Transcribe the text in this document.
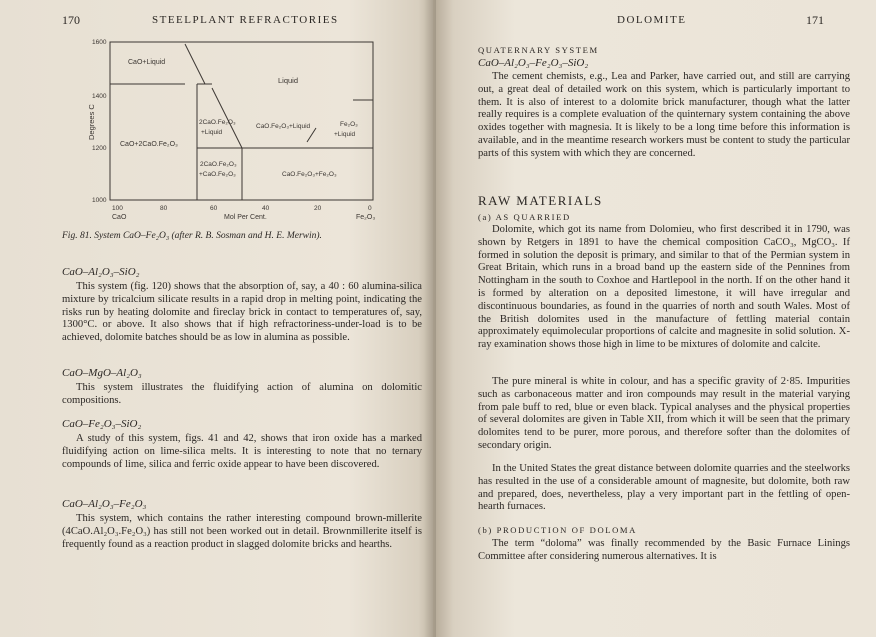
170	STEELPLANT REFRACTORIES
1600
1400
1200
1000
Degrees C
100	80	60	40	20	0
CaO	Mol Per Cent.	Fe₂O₃
CaO+Liquid
Liquid
CaO+2CaO.Fe₂O₃
2CaO.Fe₂O₃
+Liquid
CaO.Fe₂O₃+Liquid	Fe₂O₃
+Liquid
2CaO.Fe₂O₃
+CaO.Fe₂O₃	CaO.Fe₂O₃+Fe₂O₃
Fig. 81. System CaO–Fe₂O₃ (after R. B. Sosman and H. E. Merwin).
CaO–Al₂O₃–SiO₂
This system (fig. 120) shows that the absorption of, say, a 40 : 60 alumina-silica mixture by tricalcium silicate results in a rapid drop in melting point, indicating the risks run by heating dolomite and fireclay brick in contact to temperatures of, say, 1300°C. or above. It also shows that if high refractoriness-under-load is to be achieved, dolomite batches should be as low in alumina as possible.
CaO–MgO–Al₂O₃
This system illustrates the fluidifying action of alumina on dolomitic compositions.
CaO–Fe₂O₃–SiO₂
A study of this system, figs. 41 and 42, shows that iron oxide has a marked fluidifying action on lime-silica melts. It is interesting to note that no ternary compounds of lime, silica and ferric oxide appear to have been discovered.
CaO–Al₂O₃–Fe₂O₃
This system, which contains the rather interesting compound brown-millerite (4CaO.Al₂O₃.Fe₂O₃) has still not been worked out in detail. Brownmillerite itself is frequently found as a reaction product in slagged dolomite bricks and hearths.
DOLOMITE	171
QUATERNARY SYSTEM
CaO–Al₂O₃–Fe₂O₃–SiO₂
The cement chemists, e.g., Lea and Parker, have carried out, and still are carrying out, a great deal of detailed work on this system, which is particularly important to them. It is also of interest to a dolomite brick manufacturer, though what the latter really requires is a complete evaluation of the quinternary system containing the above oxides together with magnesia. It is likely to be a long time before this information is available, and in the meantime research workers must be content to study the particular parts of this system with which they are concerned.
RAW MATERIALS
(a) AS QUARRIED
Dolomite, which got its name from Dolomieu, who first described it in 1790, was shown by Retgers in 1891 to have the chemical composition CaCO₃, MgCO₃. If formed in solution the deposit is primary, and similar to that of the Permian system in Great Britain, which runs in a broad band up the eastern side of the Pennines from Nottingham in the south to Coxhoe and Hartlepool in the north. If on the other hand it is formed by alteration on a deposited limestone, it will have irregular and discontinuous boundaries, as found in the quarries of north and south Wales. Most of the British dolomites used in the manufacture of fettling material contain approximately equimolecular proportions of calcite and magnesite in solid solution. X-ray examination shows those high in lime to be mixtures of dolomite and calcite.
The pure mineral is white in colour, and has a specific gravity of 2·85. Impurities such as carbonaceous matter and iron compounds may result in the material varying from pale buff to red, blue or even black. Typical analyses and the physical properties of several dolomites are given in Table XII, from which it will be seen that the primary dolomites tend to be purer, more porous, and therefore softer than the dolomites of secondary origin.
In the United States the great distance between dolomite quarries and the steelworks has resulted in the use of a considerable amount of magnesite, but dolomite, both raw and prepared, does, nevertheless, play a very important part in the fettling of open-hearth furnaces.
(b) PRODUCTION OF DOLOMA
The term “doloma” was finally recommended by the Basic Furnace Linings Committee after considering numerous alternatives. It is
